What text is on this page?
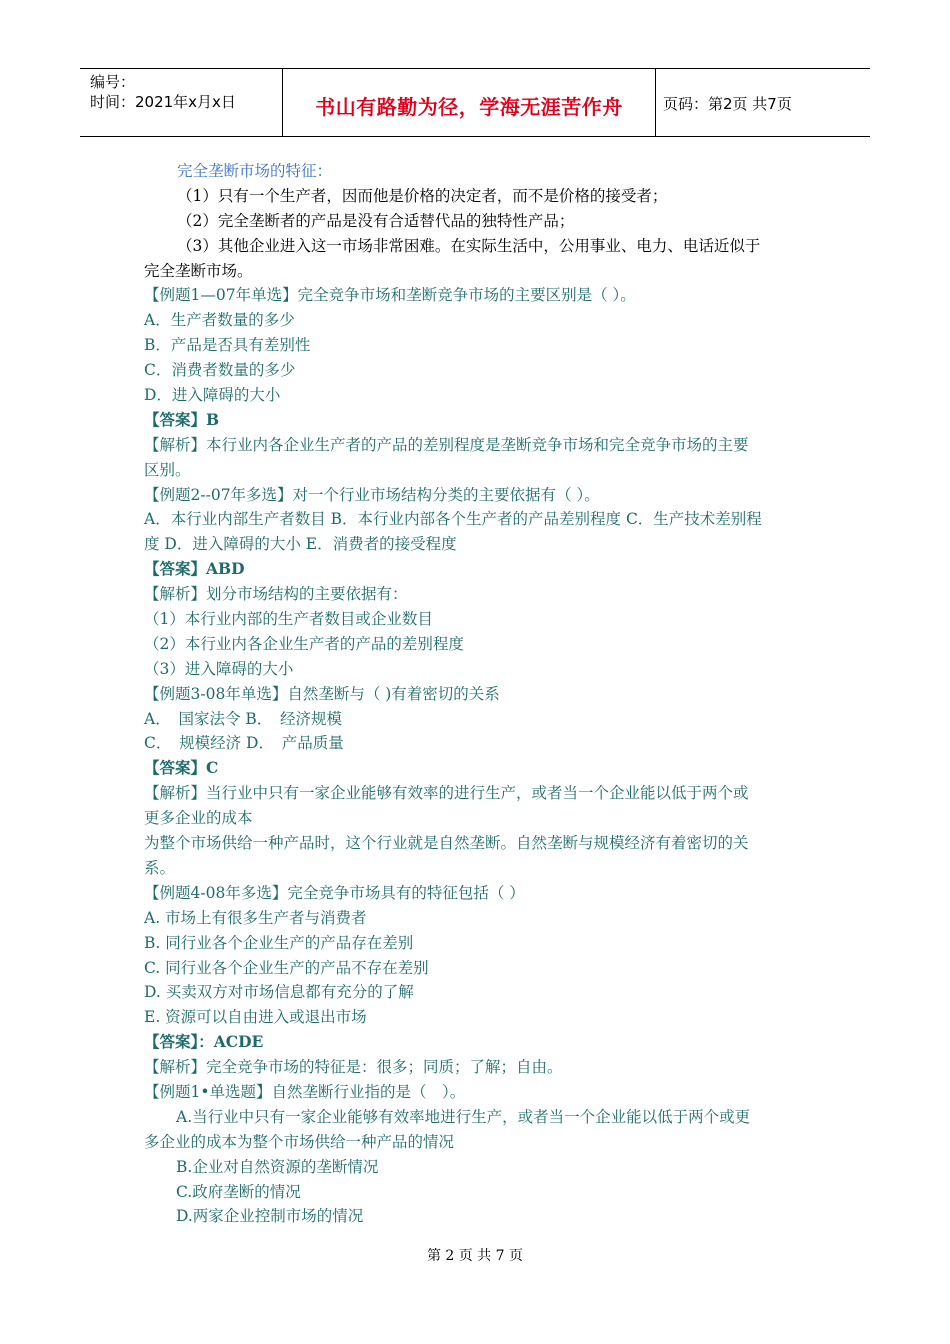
编号：
时间：2021年x月x日	书山有路勤为径，学海无涯苦作舟	页码：第2页 共7页
完全垄断市场的特征：
（1）只有一个生产者，因而他是价格的决定者，而不是价格的接受者；
（2）完全垄断者的产品是没有合适替代品的独特性产品；
（3）其他企业进入这一市场非常困难。在实际生活中，公用事业、电力、电话近似于
完全垄断市场。
【例题1—07年单选】完全竞争市场和垄断竞争市场的主要区别是（ ）。
A．生产者数量的多少
B．产品是否具有差别性
C．消费者数量的多少
D．进入障碍的大小
【答案】B
【解析】本行业内各企业生产者的产品的差别程度是垄断竞争市场和完全竞争市场的主要
区别。
【例题2--07年多选】对一个行业市场结构分类的主要依据有（ ）。
A．本行业内部生产者数目 B．本行业内部各个生产者的产品差别程度 C．生产技术差别程
度 D．进入障碍的大小 E．消费者的接受程度
【答案】ABD
【解析】划分市场结构的主要依据有：
（1）本行业内部的生产者数目或企业数目
（2）本行业内各企业生产者的产品的差别程度
（3）进入障碍的大小
【例题3-08年单选】自然垄断与（ )有着密切的关系
A．　国家法令 B．　经济规模
C．　规模经济 D．　产品质量
【答案】C
【解析】当行业中只有一家企业能够有效率的进行生产，或者当一个企业能以低于两个或
更多企业的成本
为整个市场供给一种产品时，这个行业就是自然垄断。自然垄断与规模经济有着密切的关
系。
【例题4-08年多选】完全竞争市场具有的特征包括（ ）
A. 市场上有很多生产者与消费者
B. 同行业各个企业生产的产品存在差别
C. 同行业各个企业生产的产品不存在差别
D. 买卖双方对市场信息都有充分的了解
E. 资源可以自由进入或退出市场
【答案】：ACDE
【解析】完全竞争市场的特征是：很多；同质；了解；自由。
【例题1•单选题】自然垄断行业指的是（　）。
A.当行业中只有一家企业能够有效率地进行生产，或者当一个企业能以低于两个或更
多企业的成本为整个市场供给一种产品的情况
B.企业对自然资源的垄断情况
C.政府垄断的情况
D.两家企业控制市场的情况
第 2 页 共 7 页
